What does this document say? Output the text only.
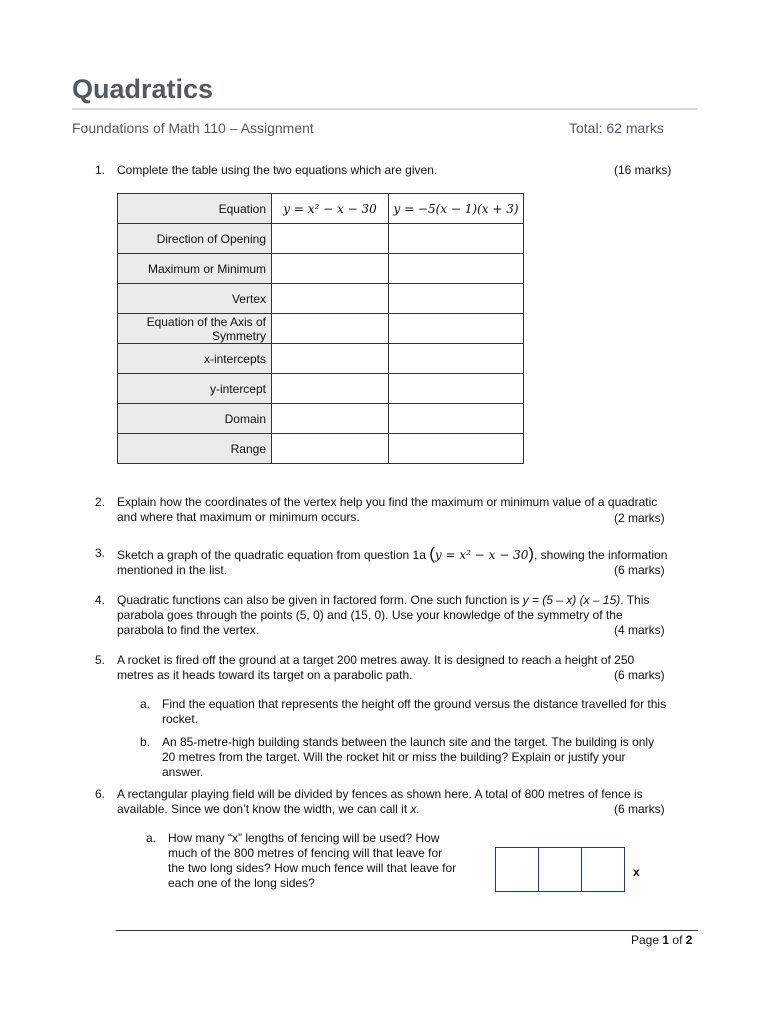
Quadratics
Foundations of Math 110 – Assignment	Total: 62 marks
1. Complete the table using the two equations which are given.	(16 marks)
Equation	y = x² − x − 30	y = −5(x − 1)(x + 3)
Direction of Opening		
Maximum or Minimum		
Vertex		
Equation of the Axis of Symmetry		
x-intercepts		
y-intercept		
Domain		
Range		
2. Explain how the coordinates of the vertex help you find the maximum or minimum value of a quadratic
and where that maximum or minimum occurs.	(2 marks)
3. Sketch a graph of the quadratic equation from question 1a (y = x² − x − 30), showing the information
mentioned in the list.	(6 marks)
4. Quadratic functions can also be given in factored form. One such function is y = (5 – x) (x – 15). This
parabola goes through the points (5, 0) and (15, 0). Use your knowledge of the symmetry of the
parabola to find the vertex.	(4 marks)
5. A rocket is fired off the ground at a target 200 metres away. It is designed to reach a height of 250
metres as it heads toward its target on a parabolic path.	(6 marks)
a. Find the equation that represents the height off the ground versus the distance travelled for this
rocket.
b. An 85-metre-high building stands between the launch site and the target. The building is only
20 metres from the target. Will the rocket hit or miss the building? Explain or justify your
answer.
6. A rectangular playing field will be divided by fences as shown here. A total of 800 metres of fence is
available. Since we don’t know the width, we can call it x.	(6 marks)
a. How many “x” lengths of fencing will be used? How
much of the 800 metres of fencing will that leave for
the two long sides? How much fence will that leave for
each one of the long sides?
x
Page 1 of 2
